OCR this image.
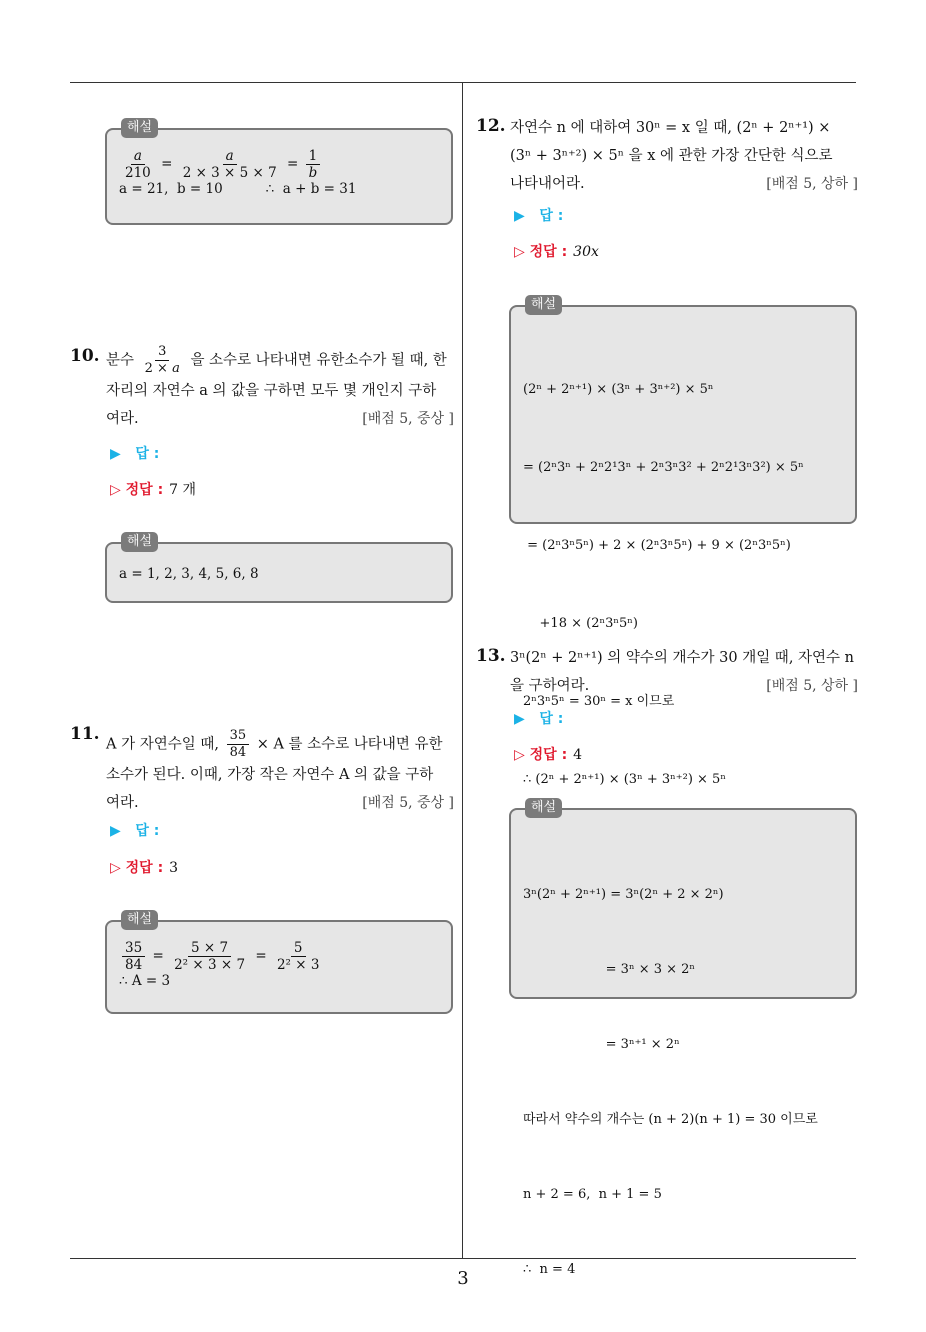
해설
$\frac{a}{210} = \frac{a}{2 \times 3 \times 5 \times 7} = \frac{1}{b}$
a = 21,  b = 10          ∴  a + b = 31
10. 분수 $\frac{3}{2 \times a}$ 을 소수로 나타내면 유한소수가 될 때, 한
자리의 자연수 a 의 값을 구하면 모두 몇 개인지 구하
여라.	[배점 5, 중상 ]
▶   답 :
▷ 정답 : 7 개
해설
a = 1, 2, 3, 4, 5, 6, 8
11.
A 가 자연수일 때, $\frac{35}{84} \times A$ 를 소수로 나타내면 유한
소수가 된다. 이때, 가장 작은 자연수 A 의 값을 구하
여라.	[배점 5, 중상 ]
▶   답 :
▷ 정답 : 3
해설
$\frac{35}{84} = \frac{5 \times 7}{\text{2² × 3 × 7}} = \frac{5}{\text{2² × 3}}$
∴ A = 3
12. 자연수 n 에 대하여 30ⁿ = x 일 때, (2ⁿ + 2ⁿ⁺¹) ×
(3ⁿ + 3ⁿ⁺²) × 5ⁿ 을 x 에 관한 가장 간단한 식으로
나타내어라.	[배점 5, 상하 ]
▶   답 :
▷ 정답 : 30x
해설

(2ⁿ + 2ⁿ⁺¹) × (3ⁿ + 3ⁿ⁺²) × 5ⁿ

= (2ⁿ3ⁿ + 2ⁿ2¹3ⁿ + 2ⁿ3ⁿ3² + 2ⁿ2¹3ⁿ3²) × 5ⁿ

= (2ⁿ3ⁿ5ⁿ) + 2 × (2ⁿ3ⁿ5ⁿ) + 9 × (2ⁿ3ⁿ5ⁿ)

+18 × (2ⁿ3ⁿ5ⁿ)

2ⁿ3ⁿ5ⁿ = 30ⁿ = x 이므로

∴ (2ⁿ + 2ⁿ⁺¹) × (3ⁿ + 3ⁿ⁺²) × 5ⁿ

13. 3ⁿ(2ⁿ + 2ⁿ⁺¹) 의 약수의 개수가 30 개일 때, 자연수 n
을 구하여라.	[배점 5, 상하 ]
▶   답 :
▷ 정답 : 4
해설

3ⁿ(2ⁿ + 2ⁿ⁺¹) = 3ⁿ(2ⁿ + 2 × 2ⁿ)

= 3ⁿ × 3 × 2ⁿ

= 3ⁿ⁺¹ × 2ⁿ

따라서 약수의 개수는 (n + 2)(n + 1) = 30 이므로

n + 2 = 6,  n + 1 = 5

∴  n = 4

3
